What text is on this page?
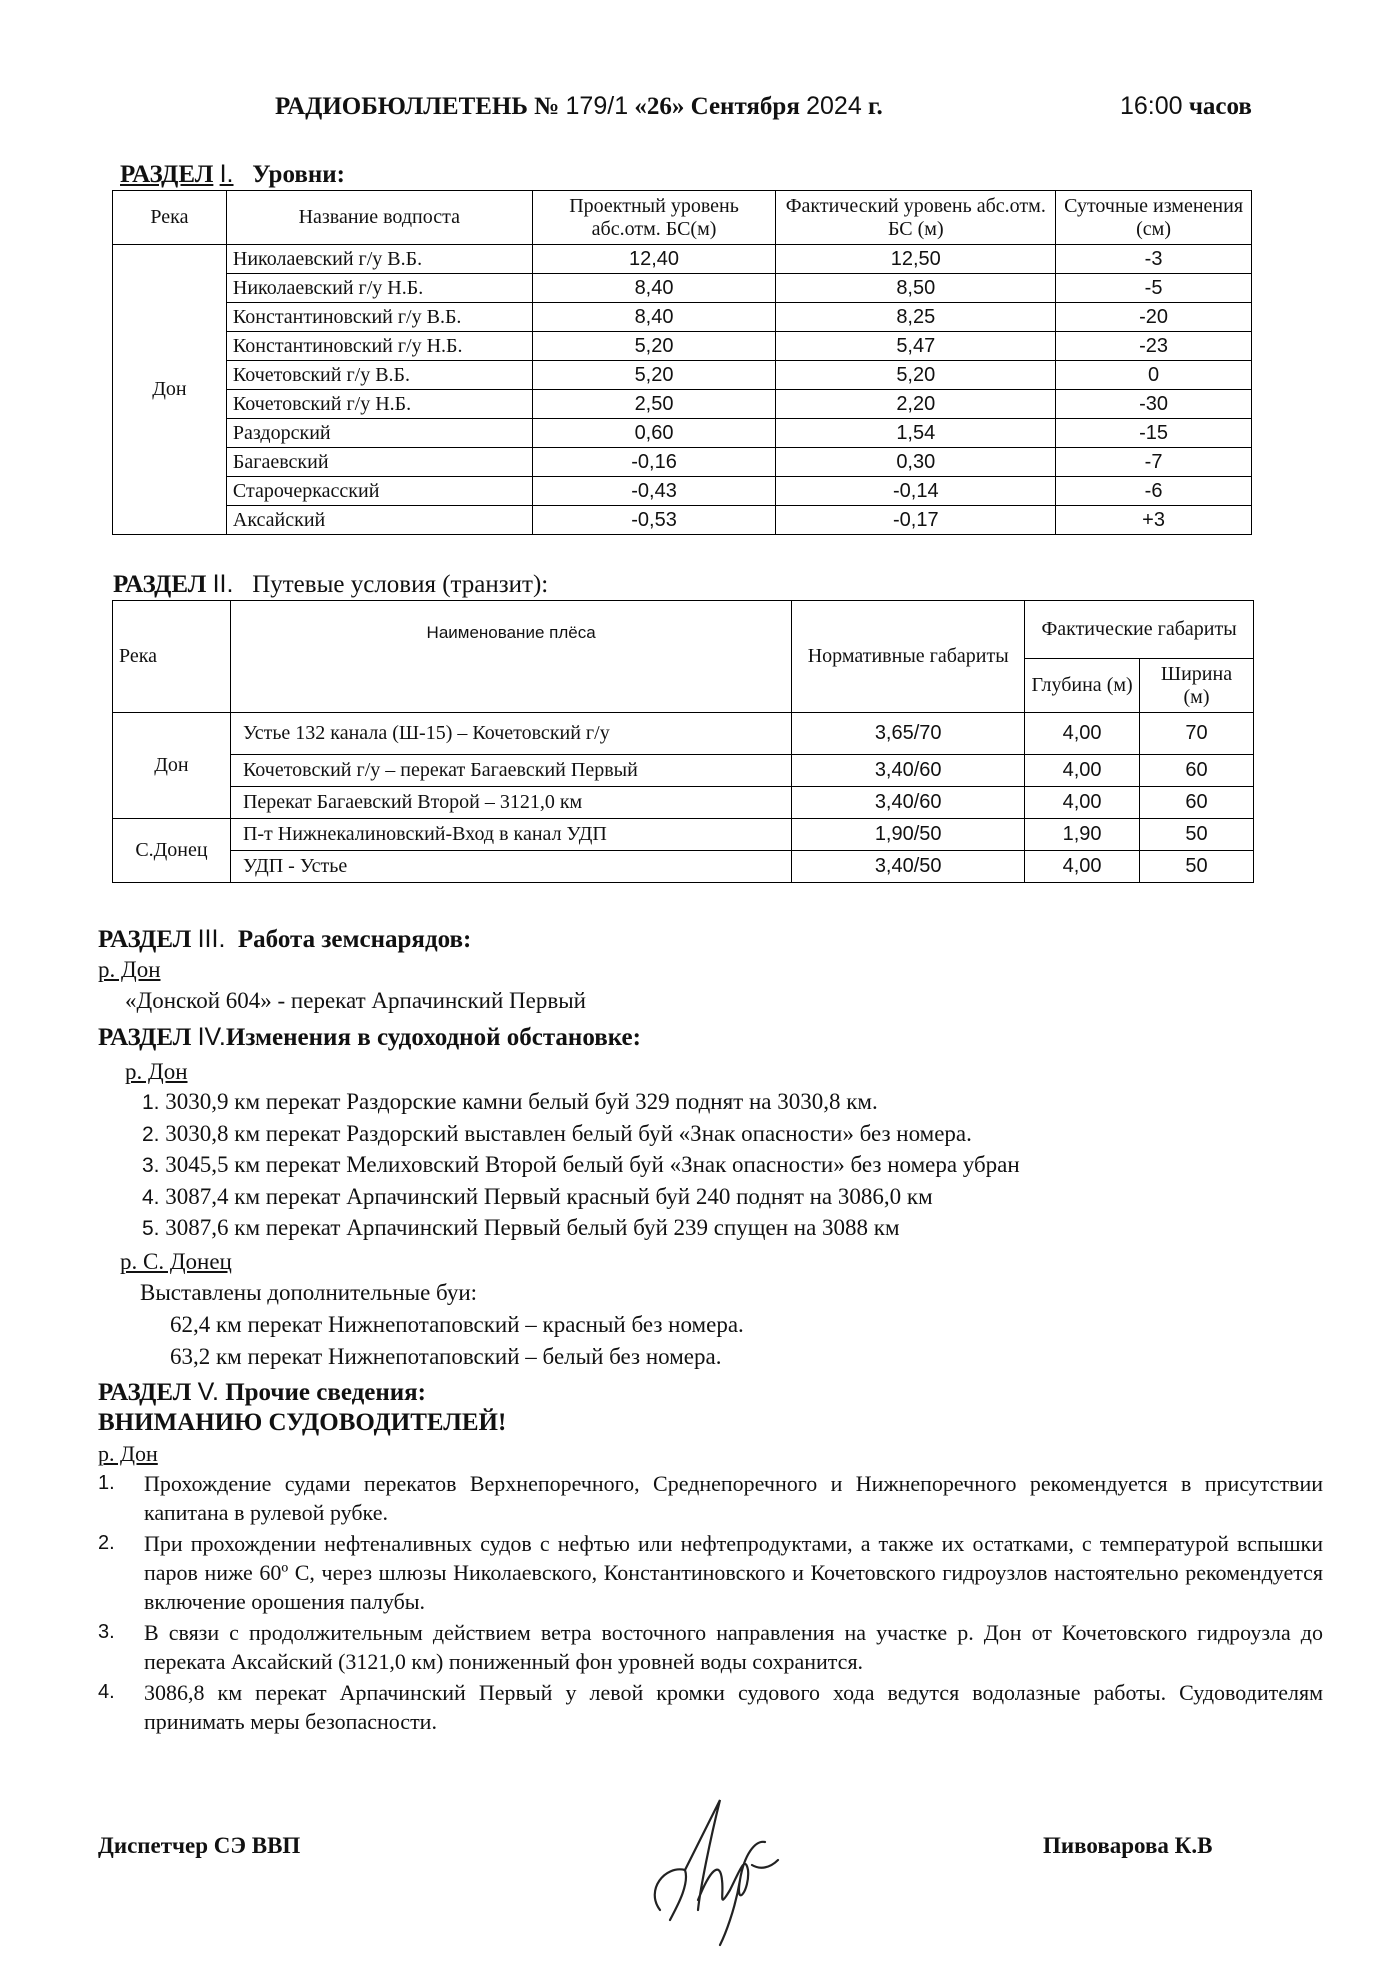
РАДИОБЮЛЛЕТЕНЬ № 179/1 «26» Сентября 2024 г.	16:00 часов
РАЗДЕЛ I. Уровни:
Река	Название водпоста	Проектный уровень абс.отм. БС(м)	Фактический уровень абс.отм. БС (м)	Суточные изменения (см)
Дон	Николаевский г/у В.Б.	12,40	12,50	-3
	Николаевский г/у Н.Б.	8,40	8,50	-5
	Константиновский г/у В.Б.	8,40	8,25	-20
	Константиновский г/у Н.Б.	5,20	5,47	-23
	Кочетовский г/у В.Б.	5,20	5,20	0
	Кочетовский г/у Н.Б.	2,50	2,20	-30
	Раздорский	0,60	1,54	-15
	Багаевский	-0,16	0,30	-7
	Старочеркасский	-0,43	-0,14	-6
	Аксайский	-0,53	-0,17	+3
РАЗДЕЛ II. Путевые условия (транзит):
Река	Наименование плёса	Нормативные габариты	Фактические габариты	
			Глубина (м)	Ширина (м)
Дон	Устье 132 канала (Ш-15) – Кочетовский г/у	3,65/70	4,00	70
	Кочетовский г/у – перекат Багаевский Первый	3,40/60	4,00	60
	Перекат Багаевский Второй – 3121,0 км	3,40/60	4,00	60
С.Донец	П-т Нижнекалиновский-Вход в канал УДП	1,90/50	1,90	50
	УДП - Устье	3,40/50	4,00	50
РАЗДЕЛ III. Работа земснарядов:
р. Дон
«Донской 604» - перекат Арпачинский Первый
РАЗДЕЛ IV.Изменения в судоходной обстановке:
р. Дон
1. 3030,9 км перекат Раздорские камни белый буй 329 поднят на 3030,8 км.
2. 3030,8 км перекат Раздорский выставлен белый буй «Знак опасности» без номера.
3. 3045,5 км перекат Мелиховский Второй белый буй «Знак опасности» без номера убран
4. 3087,4 км перекат Арпачинский Первый красный буй 240 поднят на 3086,0 км
5. 3087,6 км перекат Арпачинский Первый белый буй 239 спущен на 3088 км
р. С. Донец
Выставлены дополнительные буи:
62,4 км перекат Нижнепотаповский – красный без номера.
63,2 км перекат Нижнепотаповский – белый без номера.
РАЗДЕЛ V. Прочие сведения:
ВНИМАНИЮ СУДОВОДИТЕЛЕЙ!
р. Дон
1.	Прохождение судами перекатов Верхнепоречного, Среднепоречного и Нижнепоречного рекомендуется в присутствии капитана в рулевой рубке.
2.	При прохождении нефтеналивных судов с нефтью или нефтепродуктами, а также их остатками, с температурой вспышки паров ниже 60º С, через шлюзы Николаевского, Константиновского и Кочетовского гидроузлов настоятельно рекомендуется включение орошения палубы.
3.	В связи с продолжительным действием ветра восточного направления на участке р. Дон от Кочетовского гидроузла до переката Аксайский (3121,0 км) пониженный фон уровней воды сохранится.
4.	3086,8 км перекат Арпачинский Первый у левой кромки судового хода ведутся водолазные работы. Судоводителям принимать меры безопасности.
Диспетчер СЭ ВВП	Пивоварова К.В
